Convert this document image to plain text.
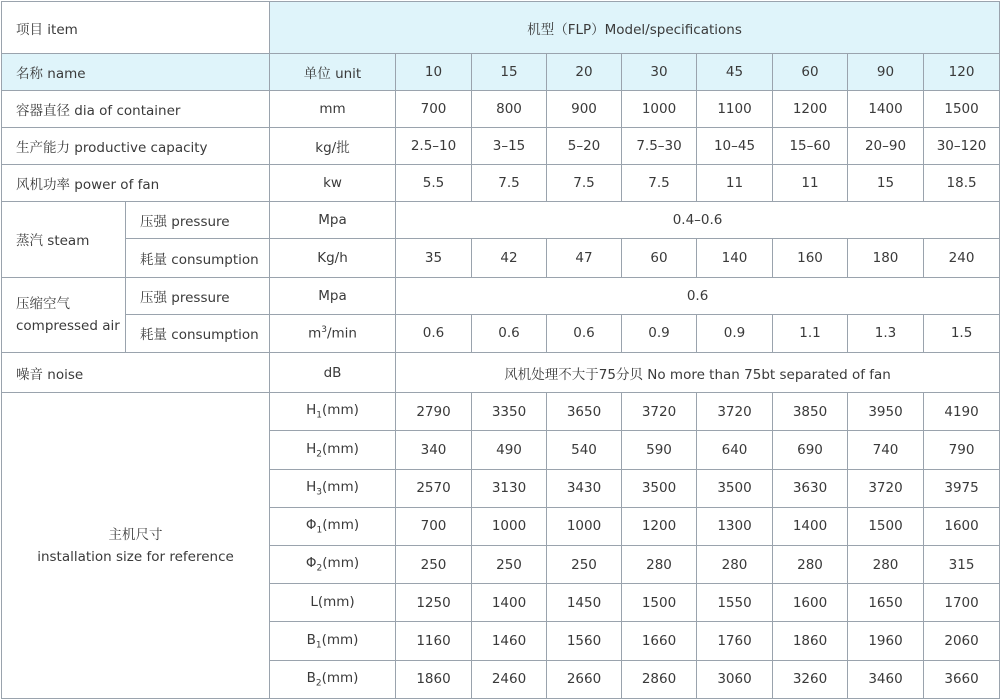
项目 item		机型（FLP）Model/specifications								
名称 name		单位 unit	10	15	20	30	45	60	90	120
容器直径 dia of container		mm	700	800	900	1000	1100	1200	1400	1500
生产能力 productive capacity		kg/批	2.5–10	3–15	5–20	7.5–30	10–45	15–60	20–90	30–120
风机功率 power of fan		kw	5.5	7.5	7.5	7.5	11	11	15	18.5
蒸汽 steam	压强 pressure	Mpa	0.4–0.6							
	耗量 consumption	Kg/h	35	42	47	60	140	160	180	240

压缩空气
compressed air	压强 pressure	Mpa	0.6							
	耗量 consumption	$m^3/\min$	0.6	0.6	0.6	0.9	0.9	1.1	1.3	1.5
噪音 noise		dB	风机处理不大于75分贝 No more than 75bt separated of fan							

主机尺寸
installation size for reference		$H_1(mm)$	2790	3350	3650	3720	3720	3850	3950	4190
		$H_2(mm)$	340	490	540	590	640	690	740	790
		$H_3(mm)$	2570	3130	3430	3500	3500	3630	3720	3975
		$\Phi_1(mm)$	700	1000	1000	1200	1300	1400	1500	1600
		$\Phi_2(mm)$	250	250	250	280	280	280	280	315
		L(mm)	1250	1400	1450	1500	1550	1600	1650	1700
		$B_1(mm)$	1160	1460	1560	1660	1760	1860	1960	2060
		$B_2(mm)$	1860	2460	2660	2860	3060	3260	3460	3660
